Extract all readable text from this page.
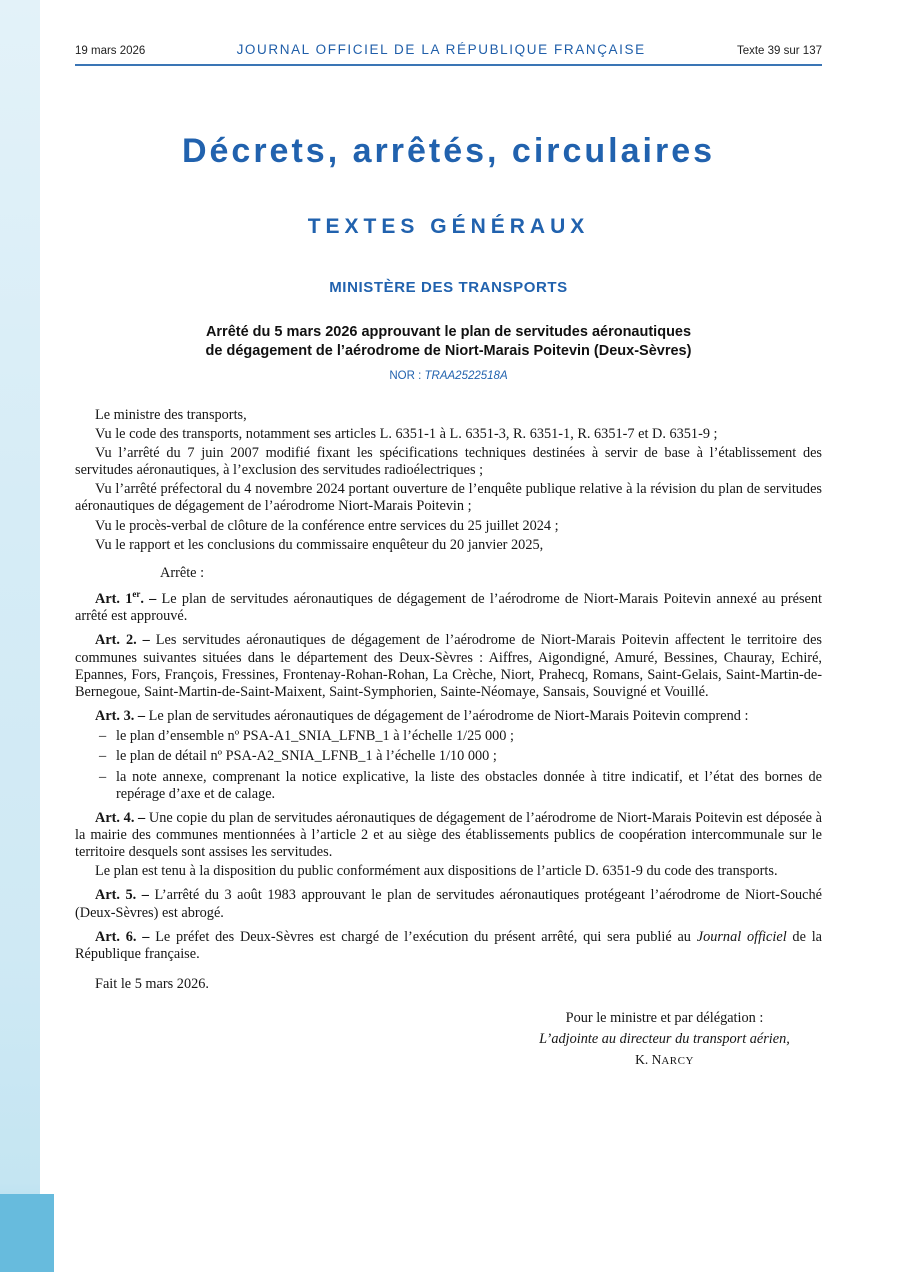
19 mars 2026	JOURNAL OFFICIEL DE LA RÉPUBLIQUE FRANÇAISE	Texte 39 sur 137
Décrets, arrêtés, circulaires
TEXTES GÉNÉRAUX
MINISTÈRE DES TRANSPORTS
Arrêté du 5 mars 2026 approuvant le plan de servitudes aéronautiques
de dégagement de l’aérodrome de Niort-Marais Poitevin (Deux-Sèvres)
NOR : TRAA2522518A

Le ministre des transports,

Vu le code des transports, notamment ses articles L. 6351-1 à L. 6351-3, R. 6351-1, R. 6351-7 et D. 6351-9 ;

Vu l’arrêté du 7 juin 2007 modifié fixant les spécifications techniques destinées à servir de base à l’établissement des servitudes aéronautiques, à l’exclusion des servitudes radioélectriques ;

Vu l’arrêté préfectoral du 4 novembre 2024 portant ouverture de l’enquête publique relative à la révision du plan de servitudes aéronautiques de dégagement de l’aérodrome Niort-Marais Poitevin ;

Vu le procès-verbal de clôture de la conférence entre services du 25 juillet 2024 ;

Vu le rapport et les conclusions du commissaire enquêteur du 20 janvier 2025,

Arrête :

Art. 1er. – Le plan de servitudes aéronautiques de dégagement de l’aérodrome de Niort-Marais Poitevin annexé au présent arrêté est approuvé.

Art. 2. – Les servitudes aéronautiques de dégagement de l’aérodrome de Niort-Marais Poitevin affectent le territoire des communes suivantes situées dans le département des Deux-Sèvres : Aiffres, Aigondigné, Amuré, Bessines, Chauray, Echiré, Epannes, Fors, François, Fressines, Frontenay-Rohan-Rohan, La Crèche, Niort, Prahecq, Romans, Saint-Gelais, Saint-Martin-de-Bernegoue, Saint-Martin-de-Saint-Maixent, Saint-Symphorien, Sainte-Néomaye, Sansais, Souvigné et Vouillé.

Art. 3. – Le plan de servitudes aéronautiques de dégagement de l’aérodrome de Niort-Marais Poitevin comprend :

– le plan d’ensemble nº PSA-A1_SNIA_LFNB_1 à l’échelle 1/25 000 ;
– le plan de détail nº PSA-A2_SNIA_LFNB_1 à l’échelle 1/10 000 ;
– la note annexe, comprenant la notice explicative, la liste des obstacles donnée à titre indicatif, et l’état des bornes de repérage d’axe et de calage.

Art. 4. – Une copie du plan de servitudes aéronautiques de dégagement de l’aérodrome de Niort-Marais Poitevin est déposée à la mairie des communes mentionnées à l’article 2 et au siège des établissements publics de coopération intercommunale sur le territoire desquels sont assises les servitudes.

Le plan est tenu à la disposition du public conformément aux dispositions de l’article D. 6351-9 du code des transports.

Art. 5. – L’arrêté du 3 août 1983 approuvant le plan de servitudes aéronautiques protégeant l’aérodrome de Niort-Souché (Deux-Sèvres) est abrogé.

Art. 6. – Le préfet des Deux-Sèvres est chargé de l’exécution du présent arrêté, qui sera publié au Journal officiel de la République française.

Fait le 5 mars 2026.

Pour le ministre et par délégation :
L’adjointe au directeur du transport aérien,
K. NARCY
